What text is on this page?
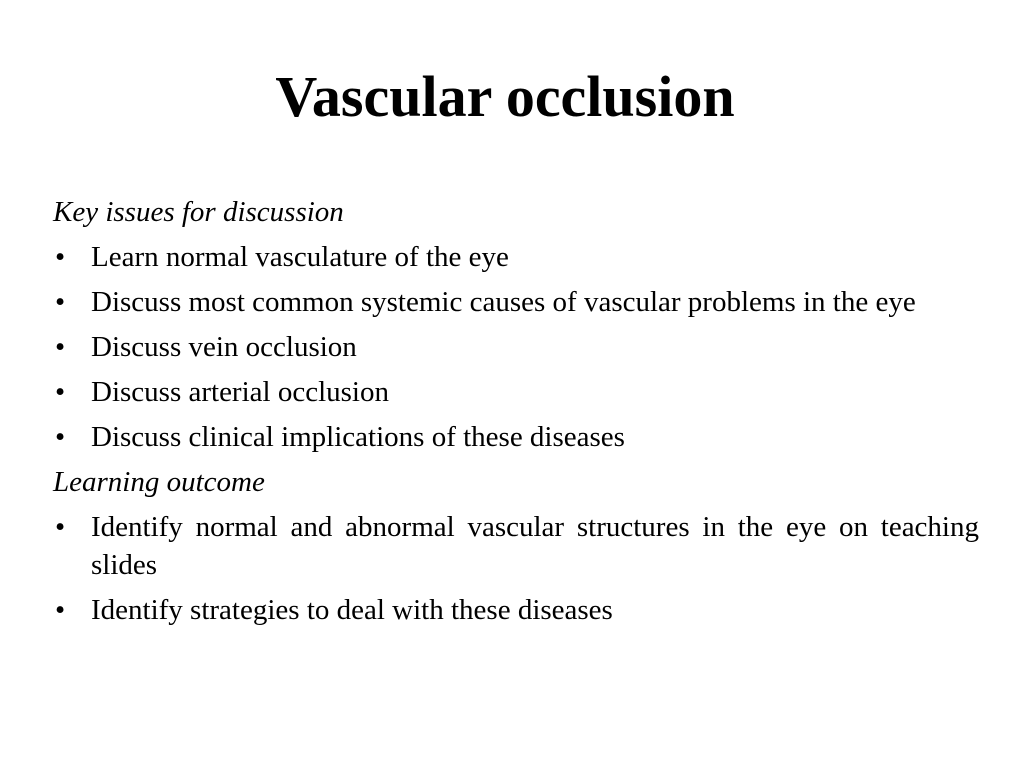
Vascular occlusion
Key issues for discussion
• Learn normal vasculature of the eye
• Discuss most common systemic causes of vascular problems in the eye
• Discuss vein occlusion
• Discuss arterial occlusion
• Discuss clinical implications of these diseases
Learning outcome
• Identify normal and abnormal vascular structures in the eye on teaching slides
• Identify strategies to deal with these diseases
